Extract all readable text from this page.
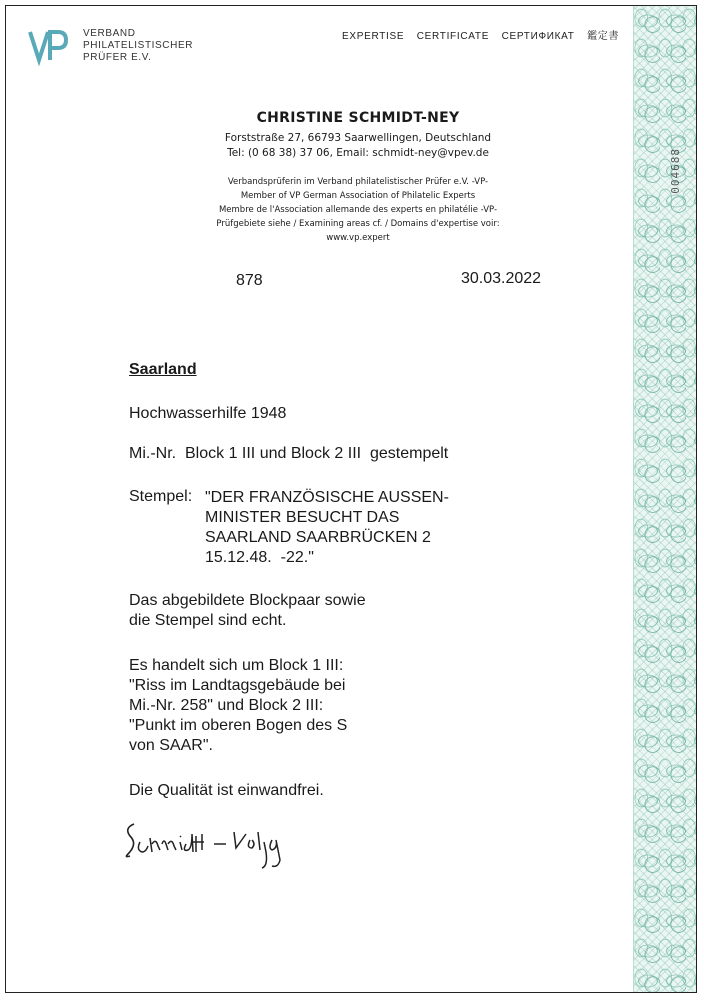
VERBAND
PHILATELISTISCHER
PRÜFER E.V.
EXPERTISE CERTIFICATE СЕРТИФИКАТ 鑑定書
CHRISTINE SCHMIDT-NEY
Forststraße 27, 66793 Saarwellingen, Deutschland
Tel: (0 68 38) 37 06, Email: schmidt-ney@vpev.de
Verbandsprüferin im Verband philatelistischer Prüfer e.V. -VP-
Member of VP German Association of Philatelic Experts
Membre de l'Association allemande des experts en philatélie -VP-
Prüfgebiete siehe / Examining areas cf. / Domains d'expertise voir:
www.vp.expert
878	30.03.2022
Saarland
Hochwasserhilfe 1948
Mi.-Nr.  Block 1 III und Block 2 III  gestempelt
Stempel: "DER FRANZÖSISCHE AUSSEN-
MINISTER BESUCHT DAS
SAARLAND SAARBRÜCKEN 2
15.12.48.  -22."
Das abgebildete Blockpaar sowie
die Stempel sind echt.
Es handelt sich um Block 1 III:
"Riss im Landtagsgebäude bei
Mi.-Nr. 258" und Block 2 III:
"Punkt im oberen Bogen des S
von SAAR".
Die Qualität ist einwandfrei.
004688
